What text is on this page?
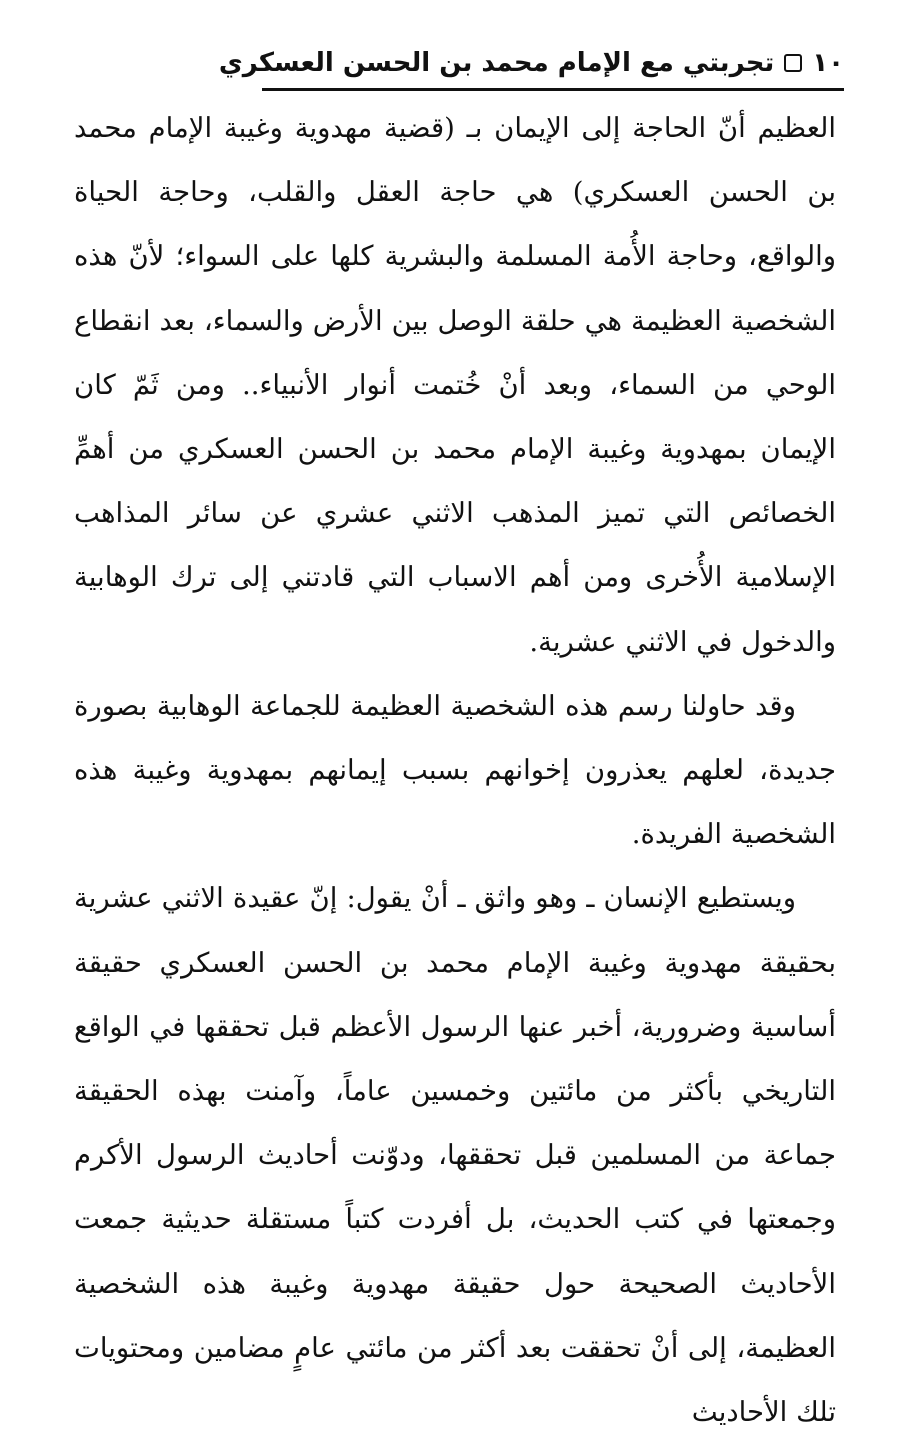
١٠
تجربتي مع الإمام محمد بن الحسن العسكري

العظيم أنّ الحاجة إلى الإيمان بـ (قضية مهدوية وغيبة الإمام محمد بن الحسن العسكري) هي حاجة العقل والقلب، وحاجة الحياة والواقع، وحاجة الأُمة المسلمة والبشرية كلها على السواء؛ لأنّ هذه الشخصية العظيمة هي حلقة الوصل بين الأرض والسماء، بعد انقطاع الوحي من السماء، وبعد أنْ خُتمت أنوار الأنبياء.. ومن ثَمّ كان الإيمان بمهدوية وغيبة الإمام محمد بن الحسن العسكري من أهمِّ الخصائص التي تميز المذهب الاثني عشري عن سائر المذاهب الإسلامية الأُخرى ومن أهم الاسباب التي قادتني إلى ترك الوهابية والدخول في الاثني عشرية.

وقد حاولنا رسم هذه الشخصية العظيمة للجماعة الوهابية بصورة جديدة، لعلهم يعذرون إخوانهم بسبب إيمانهم بمهدوية وغيبة هذه الشخصية الفريدة.

ويستطيع الإنسان ـ وهو واثق ـ أنْ يقول: إنّ عقيدة الاثني عشرية بحقيقة مهدوية وغيبة الإمام محمد بن الحسن العسكري حقيقة أساسية وضرورية، أخبر عنها الرسول الأعظم قبل تحققها في الواقع التاريخي بأكثر من مائتين وخمسين عاماً، وآمنت بهذه الحقيقة جماعة من المسلمين قبل تحققها، ودوّنت أحاديث الرسول الأكرم وجمعتها في كتب الحديث، بل أفردت كتباً مستقلة حديثية جمعت الأحاديث الصحيحة حول حقيقة مهدوية وغيبة هذه الشخصية العظيمة، إلى أنْ تحققت بعد أكثر من مائتي عامٍ مضامين ومحتويات تلك الأحاديث
